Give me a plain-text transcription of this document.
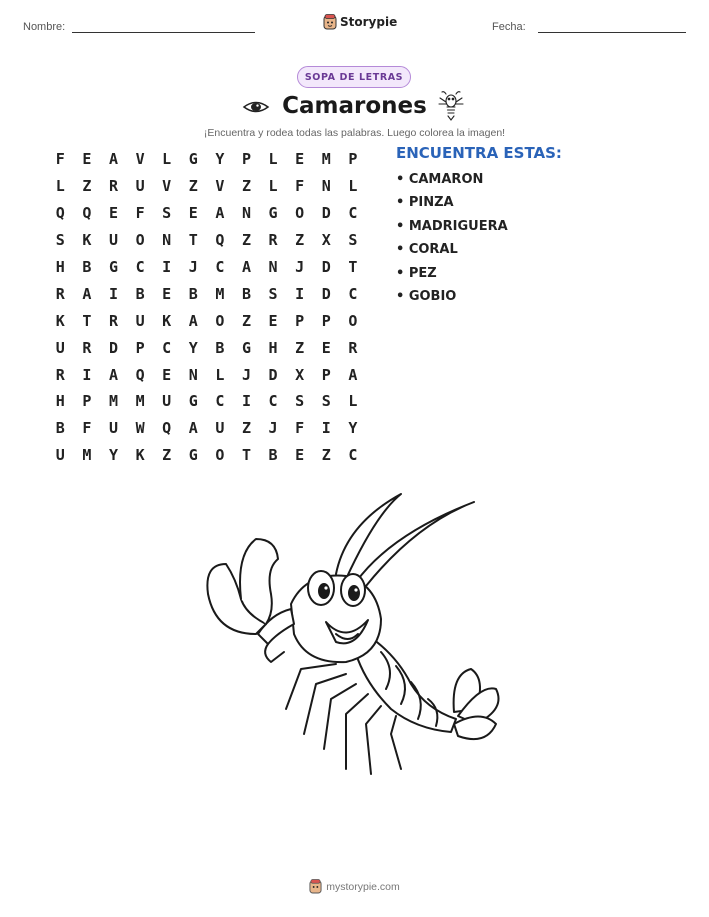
Nombre:	Storypie	Fecha:
SOPA DE LETRAS
Camarones
¡Encuentra y rodea todas las palabras. Luego colorea la imagen!
F	E	A	V	L	G	Y	P	L	E	M	P
L	Z	R	U	V	Z	V	Z	L	F	N	L
Q	Q	E	F	S	E	A	N	G	O	D	C
S	K	U	O	N	T	Q	Z	R	Z	X	S
H	B	G	C	I	J	C	A	N	J	D	T
R	A	I	B	E	B	M	B	S	I	D	C
K	T	R	U	K	A	O	Z	E	P	P	O
U	R	D	P	C	Y	B	G	H	Z	E	R
R	I	A	Q	E	N	L	J	D	X	P	A
H	P	M	M	U	G	C	I	C	S	S	L
B	F	U	W	Q	A	U	Z	J	F	I	Y
U	M	Y	K	Z	G	O	T	B	E	Z	C
ENCUENTRA ESTAS:
• CAMARON
• PINZA
• MADRIGUERA
• CORAL
• PEZ
• GOBIO
mystorypie.com
